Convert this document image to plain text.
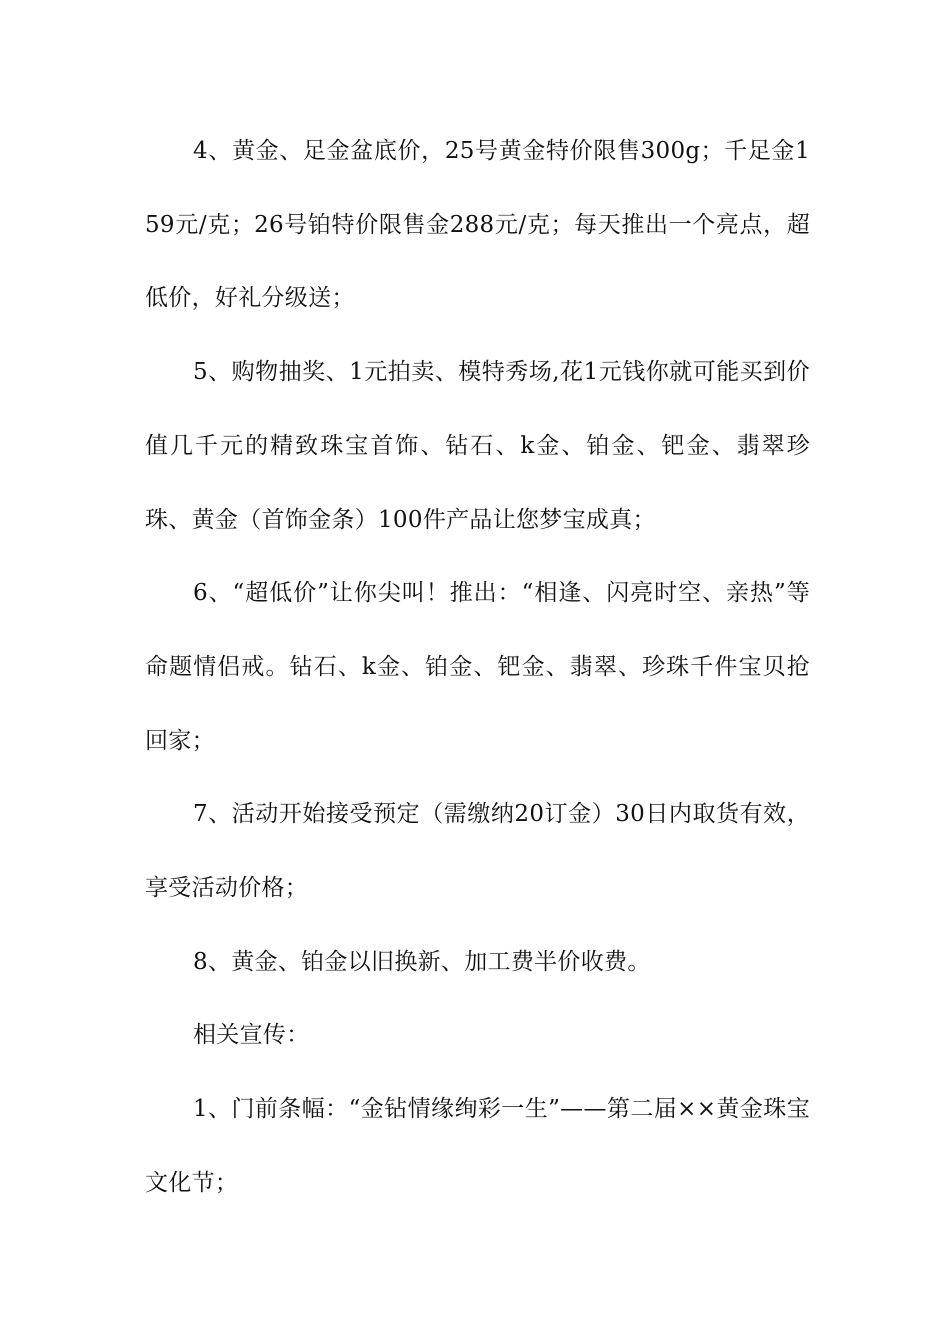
4、黄金、足金盆底价，25号黄金特价限售300g；千足金159元/克；26号铂特价限售金288元/克；每天推出一个亮点，超低价，好礼分级送；

5、购物抽奖、1元拍卖、模特秀场,花1元钱你就可能买到价值几千元的精致珠宝首饰、钻石、k金、铂金、钯金、翡翠珍珠、黄金（首饰金条）100件产品让您梦宝成真；

6、“超低价”让你尖叫！推出：“相逢、闪亮时空、亲热”等命题情侣戒。钻石、k金、铂金、钯金、翡翠、珍珠千件宝贝抢回家；

7、活动开始接受预定（需缴纳20订金）30日内取货有效，享受活动价格；

8、黄金、铂金以旧换新、加工费半价收费。

相关宣传：

1、门前条幅：“金钻情缘绚彩一生”——第二届××黄金珠宝文化节；
